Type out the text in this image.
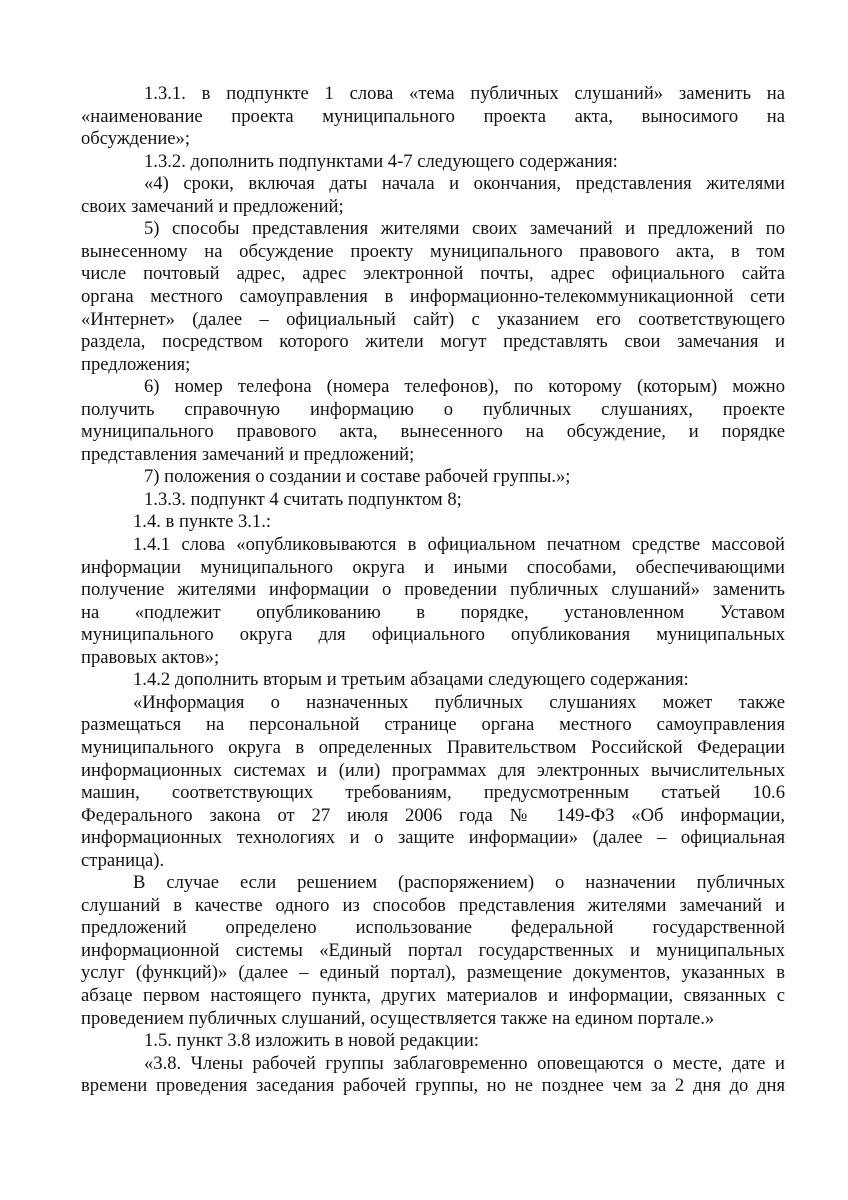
1.3.1. в подпункте 1 слова «тема публичных слушаний» заменить на
«наименование проекта муниципального проекта акта, выносимого на
обсуждение»;
1.3.2. дополнить подпунктами 4-7 следующего содержания:
«4) сроки, включая даты начала и окончания, представления жителями
своих замечаний и предложений;
5) способы представления жителями своих замечаний и предложений по
вынесенному на обсуждение проекту муниципального правового акта, в том
числе почтовый адрес, адрес электронной почты, адрес официального сайта
органа местного самоуправления в информационно-телекоммуникационной сети
«Интернет» (далее – официальный сайт) с указанием его соответствующего
раздела, посредством которого жители могут представлять свои замечания и
предложения;
6) номер телефона (номера телефонов), по которому (которым) можно
получить справочную информацию о публичных слушаниях, проекте
муниципального правового акта, вынесенного на обсуждение, и порядке
представления замечаний и предложений;
7) положения о создании и составе рабочей группы.»;
1.3.3. подпункт 4 считать подпунктом 8;
1.4. в пункте 3.1.:
1.4.1 слова «опубликовываются в официальном печатном средстве массовой
информации муниципального округа и иными способами, обеспечивающими
получение жителями информации о проведении публичных слушаний» заменить
на «подлежит опубликованию в порядке, установленном Уставом
муниципального округа для официального опубликования муниципальных
правовых актов»;
1.4.2 дополнить вторым и третьим абзацами следующего содержания:
«Информация о назначенных публичных слушаниях может также
размещаться на персональной странице органа местного самоуправления
муниципального округа в определенных Правительством Российской Федерации
информационных системах и (или) программах для электронных вычислительных
машин, соответствующих требованиям, предусмотренным статьей 10.6
Федерального закона от 27 июля 2006 года № 149-ФЗ «Об информации,
информационных технологиях и о защите информации» (далее – официальная
страница).
В случае если решением (распоряжением) о назначении публичных
слушаний в качестве одного из способов представления жителями замечаний и
предложений определено использование федеральной государственной
информационной системы «Единый портал государственных и муниципальных
услуг (функций)» (далее – единый портал), размещение документов, указанных в
абзаце первом настоящего пункта, других материалов и информации, связанных с
проведением публичных слушаний, осуществляется также на едином портале.»
1.5. пункт 3.8 изложить в новой редакции:
«3.8. Члены рабочей группы заблаговременно оповещаются о месте, дате и
времени проведения заседания рабочей группы, но не позднее чем за 2 дня до дня
